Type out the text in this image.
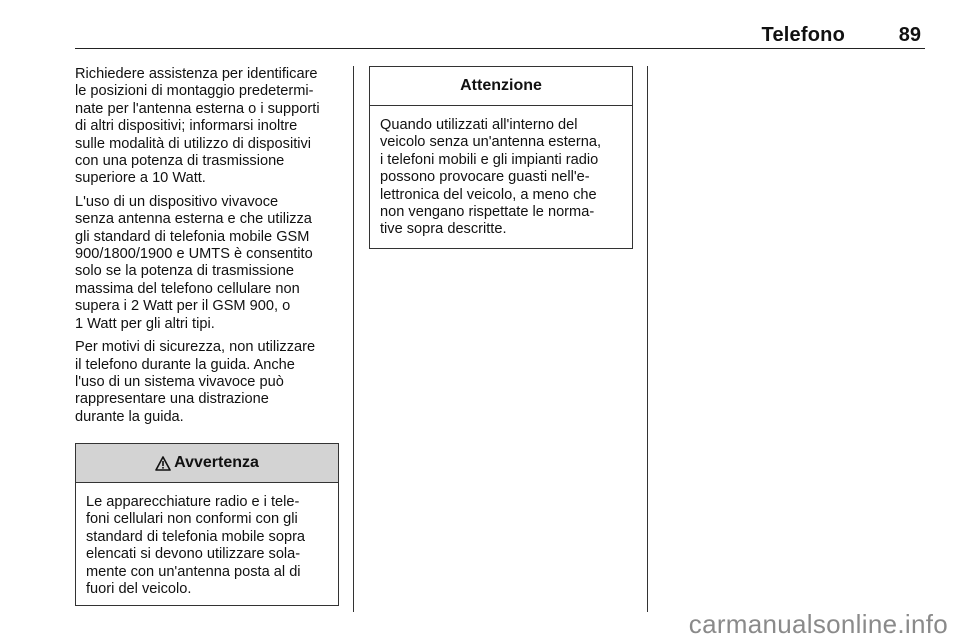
Telefono	89

Richiedere assistenza per identificare
le posizioni di montaggio predetermi‐
nate per l'antenna esterna o i supporti
di altri dispositivi; informarsi inoltre
sulle modalità di utilizzo di dispositivi
con una potenza di trasmissione
superiore a 10 Watt.

L'uso di un dispositivo vivavoce
senza antenna esterna e che utilizza
gli standard di telefonia mobile GSM
900/1800/1900 e UMTS è consentito
solo se la potenza di trasmissione
massima del telefono cellulare non
supera i 2 Watt per il GSM 900, o
1 Watt per gli altri tipi.

Per motivi di sicurezza, non utilizzare
il telefono durante la guida. Anche
l'uso di un sistema vivavoce può
rappresentare una distrazione
durante la guida.

Avvertenza
Le apparecchiature radio e i tele‐
foni cellulari non conformi con gli
standard di telefonia mobile sopra
elencati si devono utilizzare sola‐
mente con un'antenna posta al di
fuori del veicolo.
Attenzione
Quando utilizzati all'interno del
veicolo senza un'antenna esterna,
i telefoni mobili e gli impianti radio
possono provocare guasti nell'e‐
lettronica del veicolo, a meno che
non vengano rispettate le norma‐
tive sopra descritte.
carmanualsonline.info
